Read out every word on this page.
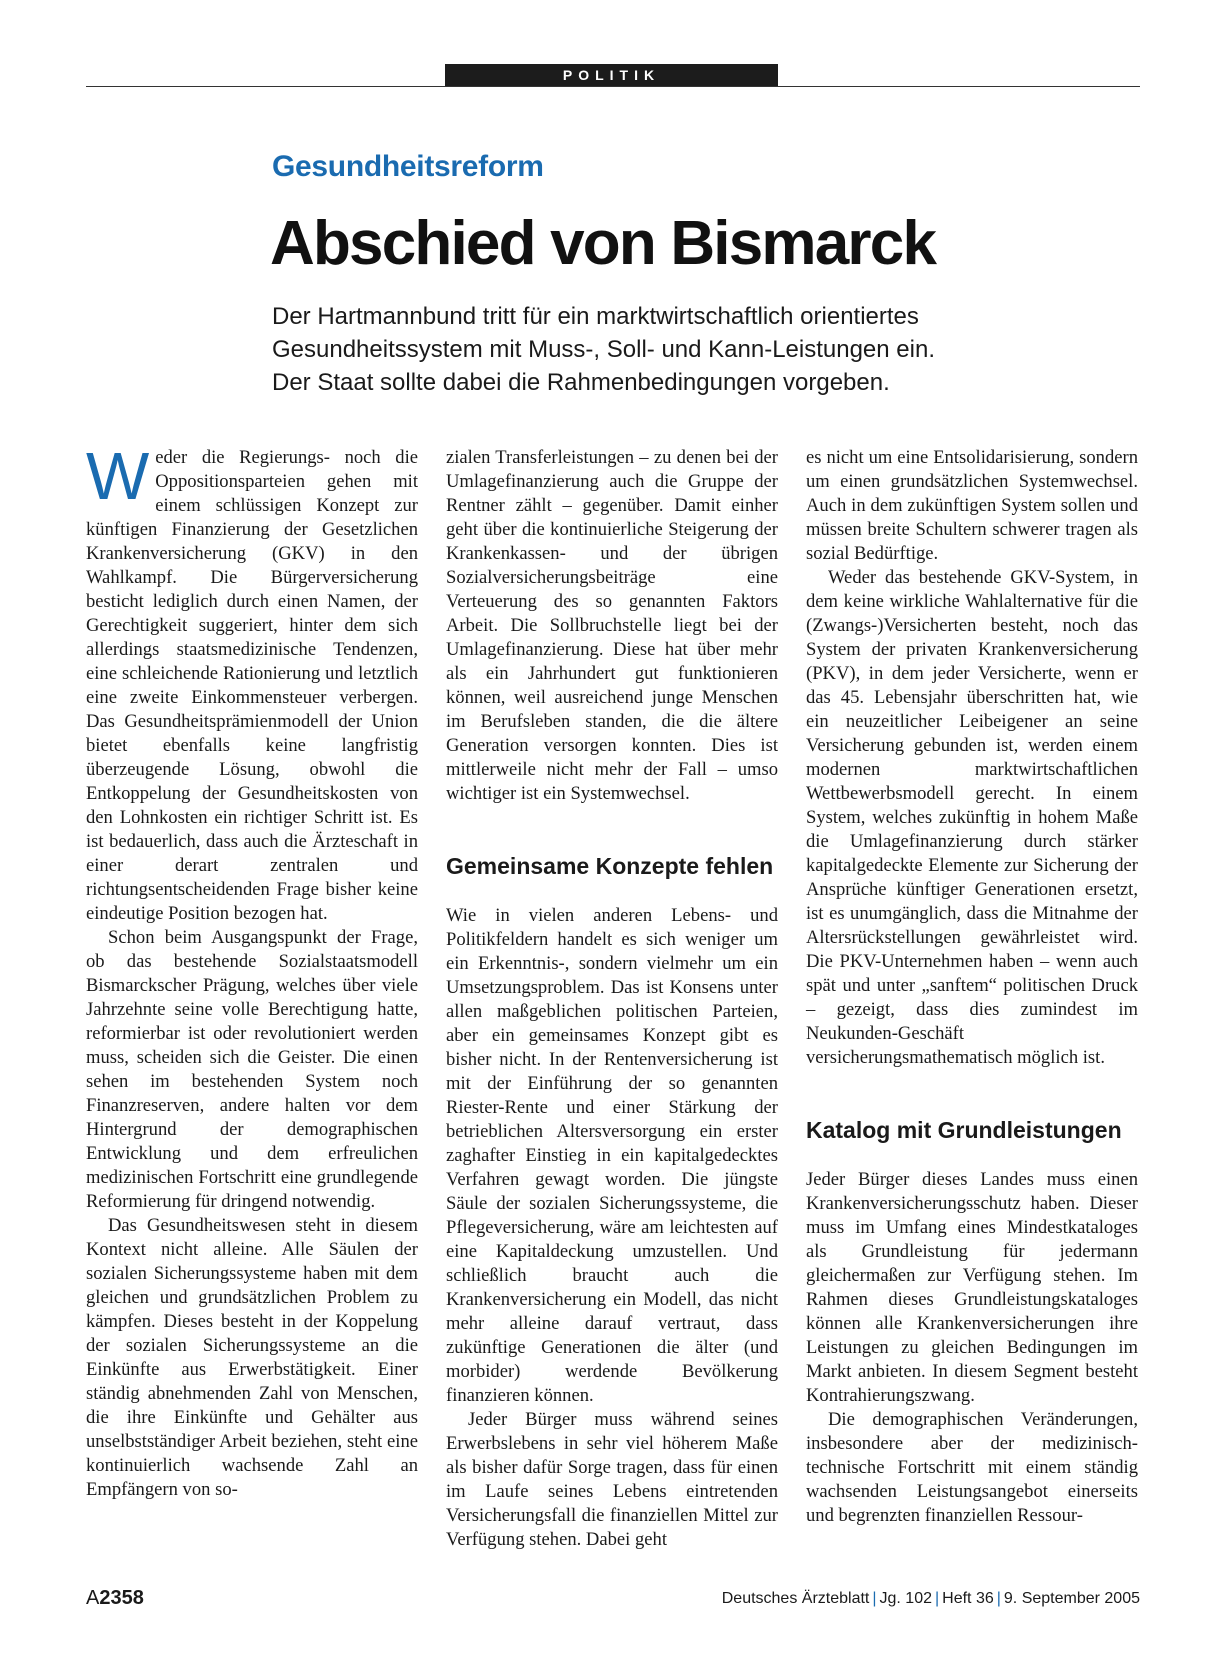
POLITIK
Gesundheitsreform
Abschied von Bismarck
Der Hartmannbund tritt für ein marktwirtschaftlich orientiertes
Gesundheitssystem mit Muss-, Soll- und Kann-Leistungen ein.
Der Staat sollte dabei die Rahmenbedingungen vorgeben.

Weder die Regierungs- noch die Oppositionsparteien gehen mit einem schlüssigen Konzept zur künftigen Finanzierung der Gesetzlichen Krankenversicherung (GKV) in den Wahlkampf. Die Bürgerversicherung besticht lediglich durch einen Namen, der Gerechtigkeit suggeriert, hinter dem sich allerdings staatsmedizinische Tendenzen, eine schleichende Rationierung und letztlich eine zweite Einkommensteuer verbergen. Das Gesundheitsprämienmodell der Union bietet ebenfalls keine langfristig überzeugende Lösung, obwohl die Entkoppelung der Gesundheitskosten von den Lohnkosten ein richtiger Schritt ist. Es ist bedauerlich, dass auch die Ärzteschaft in einer derart zentralen und richtungsentscheidenden Frage bisher keine eindeutige Position bezogen hat.

Schon beim Ausgangspunkt der Frage, ob das bestehende Sozialstaatsmodell Bismarckscher Prägung, welches über viele Jahrzehnte seine volle Berechtigung hatte, reformierbar ist oder revolutioniert werden muss, scheiden sich die Geister. Die einen sehen im bestehenden System noch Finanzreserven, andere halten vor dem Hintergrund der demographischen Entwicklung und dem erfreulichen medizinischen Fortschritt eine grundlegende Reformierung für dringend notwendig.

Das Gesundheitswesen steht in diesem Kontext nicht alleine. Alle Säulen der sozialen Sicherungssysteme haben mit dem gleichen und grundsätzlichen Problem zu kämpfen. Dieses besteht in der Koppelung der sozialen Sicherungssysteme an die Einkünfte aus Erwerbstätigkeit. Einer ständig abnehmenden Zahl von Menschen, die ihre Einkünfte und Gehälter aus unselbstständiger Arbeit beziehen, steht eine kontinuierlich wachsende Zahl an Empfängern von so-

zialen Transferleistungen – zu denen bei der Umlagefinanzierung auch die Gruppe der Rentner zählt – gegenüber. Damit einher geht über die kontinuierliche Steigerung der Krankenkassen- und der übrigen Sozialversicherungsbeiträge eine Verteuerung des so genannten Faktors Arbeit. Die Sollbruchstelle liegt bei der Umlagefinanzierung. Diese hat über mehr als ein Jahrhundert gut funktionieren können, weil ausreichend junge Menschen im Berufsleben standen, die die ältere Generation versorgen konnten. Dies ist mittlerweile nicht mehr der Fall – umso wichtiger ist ein Systemwechsel.

Gemeinsame Konzepte fehlen

Wie in vielen anderen Lebens- und Politikfeldern handelt es sich weniger um ein Erkenntnis-, sondern vielmehr um ein Umsetzungsproblem. Das ist Konsens unter allen maßgeblichen politischen Parteien, aber ein gemeinsames Konzept gibt es bisher nicht. In der Rentenversicherung ist mit der Einführung der so genannten Riester-Rente und einer Stärkung der betrieblichen Altersversorgung ein erster zaghafter Einstieg in ein kapitalgedecktes Verfahren gewagt worden. Die jüngste Säule der sozialen Sicherungssysteme, die Pflegeversicherung, wäre am leichtesten auf eine Kapitaldeckung umzustellen. Und schließlich braucht auch die Krankenversicherung ein Modell, das nicht mehr alleine darauf vertraut, dass zukünftige Generationen die älter (und morbider) werdende Bevölkerung finanzieren können.

Jeder Bürger muss während seines Erwerbslebens in sehr viel höherem Maße als bisher dafür Sorge tragen, dass für einen im Laufe seines Lebens eintretenden Versicherungsfall die finanziellen Mittel zur Verfügung stehen. Dabei geht

es nicht um eine Entsolidarisierung, sondern um einen grundsätzlichen Systemwechsel. Auch in dem zukünftigen System sollen und müssen breite Schultern schwerer tragen als sozial Bedürftige.

Weder das bestehende GKV-System, in dem keine wirkliche Wahlalternative für die (Zwangs-)Versicherten besteht, noch das System der privaten Krankenversicherung (PKV), in dem jeder Versicherte, wenn er das 45. Lebensjahr überschritten hat, wie ein neuzeitlicher Leibeigener an seine Versicherung gebunden ist, werden einem modernen marktwirtschaftlichen Wettbewerbsmodell gerecht. In einem System, welches zukünftig in hohem Maße die Umlagefinanzierung durch stärker kapitalgedeckte Elemente zur Sicherung der Ansprüche künftiger Generationen ersetzt, ist es unumgänglich, dass die Mitnahme der Altersrückstellungen gewährleistet wird. Die PKV-Unternehmen haben – wenn auch spät und unter „sanftem“ politischen Druck – gezeigt, dass dies zumindest im Neukunden-Geschäft versicherungsmathematisch möglich ist.

Katalog mit Grundleistungen

Jeder Bürger dieses Landes muss einen Krankenversicherungsschutz haben. Dieser muss im Umfang eines Mindestkataloges als Grundleistung für jedermann gleichermaßen zur Verfügung stehen. Im Rahmen dieses Grundleistungskataloges können alle Krankenversicherungen ihre Leistungen zu gleichen Bedingungen im Markt anbieten. In diesem Segment besteht Kontrahierungszwang.

Die demographischen Veränderungen, insbesondere aber der medizinisch-technische Fortschritt mit einem ständig wachsenden Leistungsangebot einerseits und begrenzten finanziellen Ressour-

A2358	Deutsches Ärzteblatt | Jg. 102 | Heft 36 | 9. September 2005
